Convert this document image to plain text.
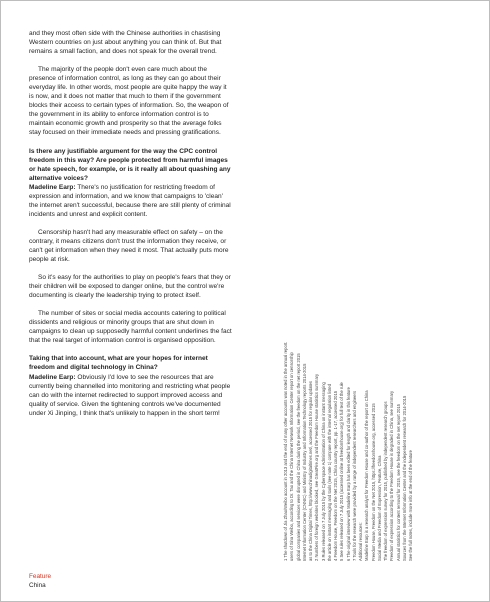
and they most often side with the Chinese authorities in chastising Western countries on just about anything you can think of. But that remains a small faction, and does not speak for the overall trend.

The majority of the people don't even care much about the presence of information control, as long as they can go about their everyday life. In other words, most people are quite happy the way it is now, and it does not matter that much to them if the government blocks their access to certain types of information. So, the weapon of the government in its ability to enforce information control is to maintain economic growth and prosperity so that the average folks stay focused on their immediate needs and pressing gratifications.

Is there any justifiable argument for the way the CPC control freedom in this way? Are people protected from harmful images or hate speech, for example, or is it really all about quashing any alternative voices?
Madeline Earp: There's no justification for restricting freedom of expression and information, and we know that campaigns to 'clean' the internet aren't successful, because there are still plenty of criminal incidents and unrest and explicit content.

Censorship hasn't had any measurable effect on safety – on the contrary, it means citizens don't trust the information they receive, or can't get information when they need it most. That actually puts more people at risk.

So it's easy for the authorities to play on people's fears that they or their children will be exposed to danger online, but the control we're documenting is clearly the leadership trying to protect itself.

The number of sites or social media accounts catering to political dissidents and religious or minority groups that are shut down in campaigns to clean up supposedly harmful content underlines the fact that the real target of information control is organised opposition.

Taking that into account, what are your hopes for internet freedom and digital technology in China?
Madeline Earp: Obviously I'd love to see the resources that are currently being channelled into monitoring and restricting what people can do with the internet redirected to support improved access and quality of service. Given the tightening controls we've documented under Xi Jinping, I think that's unlikely to happen in the short term!	1 The shutdown of Jia Zhao/Weibo account in 2013 and the end of many other accounts was noted in the annual report. users of Sina Weibo, according to Dr. Tao and the China Internet Network Information Center report on censorship global companies and services were disrupted in China during the period, see the freedom on the net report 2015 Internet Information Center (CNNIC) and Ministry of Industry and Information Technology reports 2014-2015 as to the China Digital Times, http://www.chinadigitaltimes.net/, accessed 2015 for regular updates 2 Numbers of foreign websites blocked, see GreatFire.org and the Freedom House statistics summary 3 Rules released on 7 July 2015 by the Cyberspace Administration of China on instant messaging the article on instant messaging and tools (see note 1) compare with the internal regulation listed 4 Freedom House, Freedom on the Net 2015, China country report, pp. 1-17, accessed 2015 5 See rules released on 7 July 2015 (accessed online at freedomhouse.org) for full text of the rule 6 The original interview with Madeline Earp has been edited for length and clarity in this feature 7 Tools for the research were provided by a range of independent researchers and engineers Additional resources: Madeline Earp is a research analyst for Freedom House and co-author of the report on China Freedom House, Freedom on the Net 2015, https://freedomhouse.org, accessed 2015 Social Media and Freedom of Expression, Feature, China The freedom of expression survey for 2015, published by independent research groups Freedom of expression according to the Freedom House is degraded in China, see summary Annual statistics for content removal for 2015, see the freedom on the net report 2015 Sources from the Internet Information Center and the independent research for 2014-2015 See the full notes, include more info at the end of the feature
Feature
China
